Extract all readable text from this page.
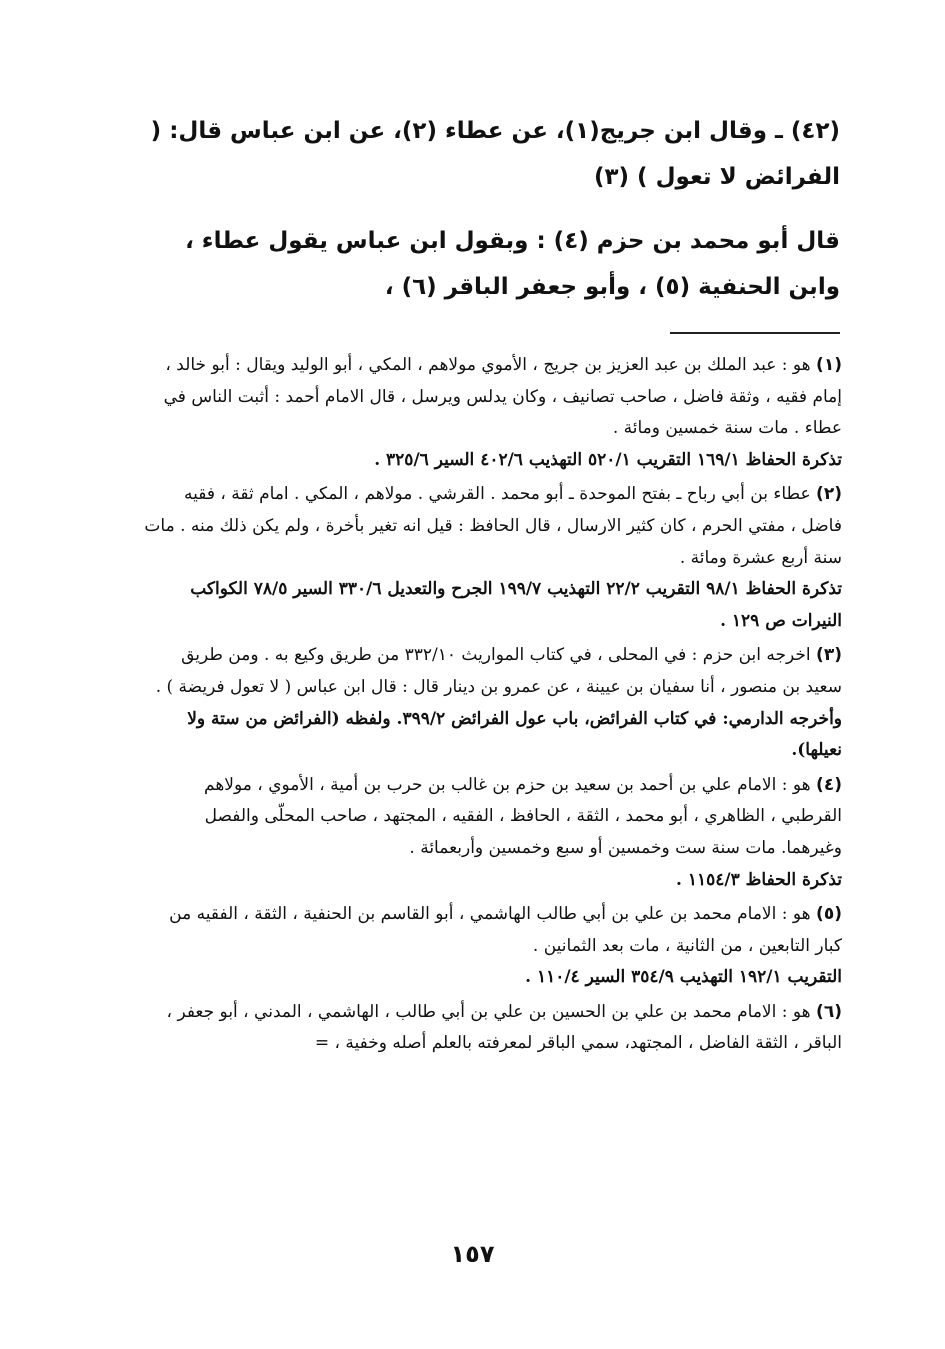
(٤٢) ـ وقال ابن جريج(١)، عن عطاء (٢)، عن ابن عباس قال: ( الفرائض لا تعول ) (٣)

قال أبو محمد بن حزم (٤) : وبقول ابن عباس يقول عطاء ، وابن الحنفية (٥) ، وأبو جعفر الباقر (٦) ،

(١) هو : عبد الملك بن عبد العزيز بن جريج ، الأموي مولاهم ، المكي ، أبو الوليد ويقال : أبو خالد ، إمام فقيه ، وثقة فاضل ، صاحب تصانيف ، وكان يدلس ويرسل ، قال الامام أحمد : أثبت الناس في عطاء . مات سنة خمسين ومائة .
تذكرة الحفاظ ١٦٩/١ التقريب ٥٢٠/١ التهذيب ٤٠٢/٦ السير ٣٢٥/٦ .
(٢) عطاء بن أبي رباح ـ بفتح الموحدة ـ أبو محمد . القرشي . مولاهم ، المكي . امام ثقة ، فقيه فاضل ، مفتي الحرم ، كان كثير الارسال ، قال الحافظ : قيل انه تغير بأخرة ، ولم يكن ذلك منه . مات سنة أربع عشرة ومائة .
تذكرة الحفاظ ٩٨/١ التقريب ٢٢/٢ التهذيب ١٩٩/٧ الجرح والتعديل ٣٣٠/٦ السير ٧٨/٥ الكواكب النيرات ص ١٢٩ .
(٣) اخرجه ابن حزم : في المحلى ، في كتاب المواريث ٣٣٢/١٠ من طريق وكيع به . ومن طريق سعيد بن منصور ، أنا سفيان بن عيينة ، عن عمرو بن دينار قال : قال ابن عباس ( لا تعول فريضة ) .
وأخرجه الدارمي: في كتاب الفرائض، باب عول الفرائض ٣٩٩/٢. ولفظه (الفرائض من ستة ولا نعيلها).
(٤) هو : الامام علي بن أحمد بن سعيد بن حزم بن غالب بن حرب بن أمية ، الأموي ، مولاهم القرطبي ، الظاهري ، أبو محمد ، الثقة ، الحافظ ، الفقيه ، المجتهد ، صاحب المحلّى والفصل وغيرهما. مات سنة ست وخمسين أو سبع وخمسين وأربعمائة .
تذكرة الحفاظ ١١٥٤/٣ .
(٥) هو : الامام محمد بن علي بن أبي طالب الهاشمي ، أبو القاسم بن الحنفية ، الثقة ، الفقيه من كبار التابعين ، من الثانية ، مات بعد الثمانين .
التقريب ١٩٢/١ التهذيب ٣٥٤/٩ السير ١١٠/٤ .
(٦) هو : الامام محمد بن علي بن الحسين بن علي بن أبي طالب ، الهاشمي ، المدني ، أبو جعفر ، الباقر ، الثقة الفاضل ، المجتهد، سمي الباقر لمعرفته بالعلم أصله وخفية ، =
١٥٧
